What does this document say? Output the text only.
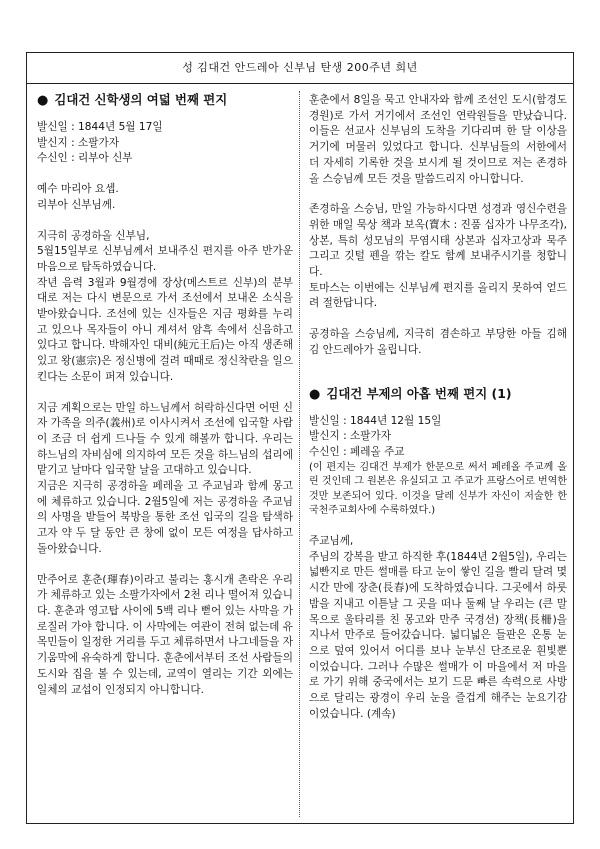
성 김대건 안드레아 신부님 탄생 200주년 희년
● 김대건 신학생의 여덟 번째 편지

발신일 : 1844년 5월 17일

발신지 : 소팔가자

수신인 : 리부아 신부

예수 마리아 요셉.

리부아 신부님께.

지극히 공경하올 신부님,

5월15일부로 신부님께서 보내주신 편지를 아주 반가운 마음으로 탐독하였습니다.

작년 음력 3월과 9월경에 장상(메스트르 신부)의 분부대로 저는 다시 변문으로 가서 조선에서 보내온 소식을 받아왔습니다. 조선에 있는 신자들은 지금 평화를 누리고 있으나 목자들이 아니 계셔서 암흑 속에서 신음하고 있다고 합니다. 박해자인 대비(純元王后)는 아직 생존해 있고 왕(憲宗)은 정신병에 걸려 때때로 정신착란을 일으킨다는 소문이 퍼져 있습니다.

지금 계획으로는 만일 하느님께서 허락하신다면 어떤 신자 가족을 의주(義州)로 이사시켜서 조선에 입국할 사람이 조금 더 쉽게 드나들 수 있게 해볼까 합니다. 우리는 하느님의 자비심에 의지하여 모든 것을 하느님의 섭리에 맡기고 날마다 입국할 날을 고대하고 있습니다.

지금은 지극히 공경하올 페레올 고 주교님과 함께 몽고에 체류하고 있습니다. 2월5일에 저는 공경하올 주교님의 사명을 받들어 북방을 통한 조선 입국의 길을 탐색하고자 약 두 달 동안 큰 창에 없이 모든 여정을 답사하고 돌아왔습니다.

만주어로 훈춘(琿春)이라고 불리는 홍시개 촌락은 우리가 체류하고 있는 소팔가자에서 2천 리나 떨어져 있습니다. 훈춘과 영고탑 사이에 5백 리나 뻗어 있는 사막을 가로질러 가야 합니다. 이 사막에는 여관이 전혀 없는데 유목민들이 일정한 거리를 두고 체류하면서 나그네들을 자기움막에 유숙하게 합니다. 훈춘에서부터 조선 사람들의 도시와 집을 볼 수 있는데, 교역이 열리는 기간 외에는 일체의 교섭이 인정되지 아니합니다.

훈춘에서 8일을 묵고 안내자와 함께 조선인 도시(함경도 경원)로 가서 거기에서 조선인 연락원들을 만났습니다. 이들은 선교사 신부님의 도착을 기다리며 한 달 이상을 거기에 머물러 있었다고 합니다. 신부님들의 서한에서 더 자세히 기록한 것을 보시게 될 것이므로 저는 존경하올 스승님께 모든 것을 말씀드리지 아니합니다.

존경하올 스승님, 만일 가능하시다면 성경과 영신수련을 위한 매일 묵상 책과 보옥(寶木 : 진품 십자가 나무조각), 상본, 특히 성모님의 무염시태 상본과 십자고상과 묵주 그리고 깃털 펜을 깎는 칼도 함께 보내주시기를 청합니다.

토마스는 이번에는 신부님께 편지를 올리지 못하여 얻드려 절한답니다.

공경하올 스승님께, 지극히 겸손하고 부당한 아들 김해 김 안드레아가 올립니다.

● 김대건 부제의 아홉 번째 편지 (1)

발신일 : 1844년 12월 15일

발신지 : 소팔가자

수신인 : 페레올 주교

(이 편지는 김대건 부제가 한문으로 써서 페레올 주교께 올린 것인데 그 원본은 유실되고 고 주교가 프랑스어로 번역한 것만 보존되어 있다. 이것을 달레 신부가 자신이 저술한 한국천주교회사에 수록하였다.)

주교님께,

주님의 강복을 받고 하직한 후(1844년 2월5일), 우리는 넓빤지로 만든 썰매를 타고 눈이 쌓인 길을 빨리 달려 몇 시간 만에 장춘(長春)에 도착하였습니다. 그곳에서 하룻밤을 지내고 이튿날 그 곳을 떠나 둘째 날 우리는 (큰 말목으로 울타리를 친 몽고와 만주 국경선) 장책(長柵)을 지나서 만주로 들어갔습니다. 넓디넓은 들판은 온통 눈으로 덮여 있어서 어디를 보나 눈부신 단조로운 흰빛뿐이었습니다. 그러나 수많은 썰매가 이 마을에서 저 마을로 가기 위해 중국에서는 보기 드문 빠른 속력으로 사방으로 달리는 광경이 우리 눈을 즐겁게 해주는 눈요기감이었습니다. (계속)
